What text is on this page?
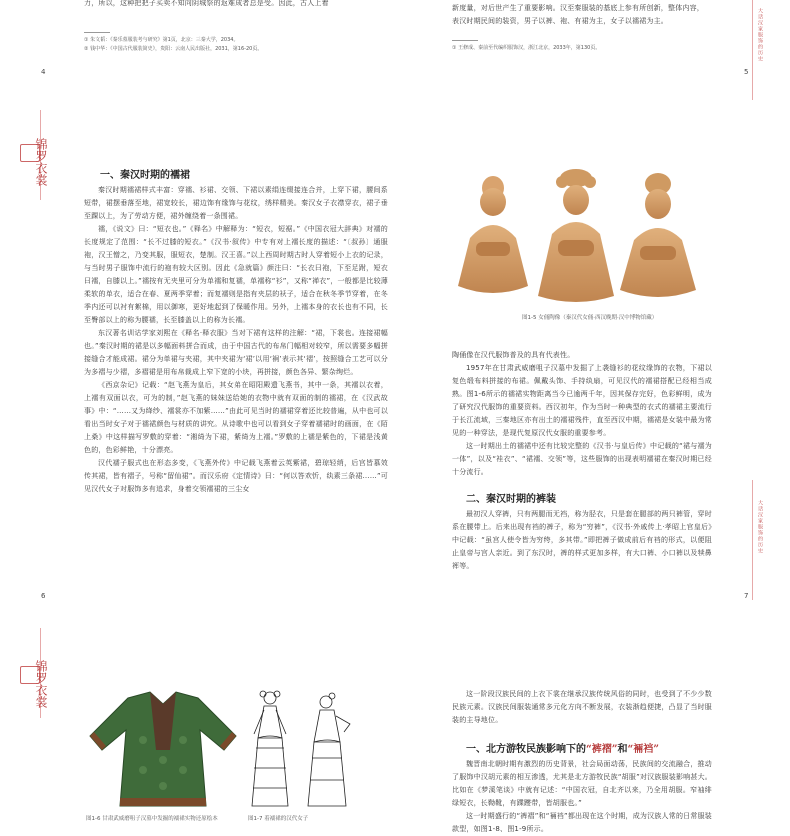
力，所以，这种把把子买卖不知向阴城祭的返难成者总是受。因此，古人上着
① 朱文韬：《秦乐墓服装考与研究》第1页，北京：三秦大学，2034。
② 钱中华：《中国古代服装简史》，贵阳：云南人民出版社，2031，第16-20页。
4
新度量，对后世产生了重要影响。汉至秦服装的基底上参有所创新，整体内容，表汉时期民间的装资，男子以裤、袍、有裙为主，女子以襦裙为主。
① 王修成、秦前至代编织服饰汉，浙江北京，2033年，第130页。
5
大话汉家服饰的历史
锦罗衣裳	一、秦汉时期的襦裙

秦汉时期襦裙样式丰富：穿襦、衫裙、交领、下裙以素绢连缀接连合并，上穿下裙，腰间系短带，裙摆垂落至地，裙宽较长，裙边饰有缘饰与花纹，绣样精美。秦汉女子衣襟穿衣，裙子垂至踝以上，为了劳动方便，裙外缠绕着一条围裙。

襦，《说文》曰：“短衣也。”《释名》中解释为：“短衣，短裾。”《中国衣冠大辞典》对襦的长度规定了范围：“长不过膝的短衣。”《汉书·叙传》中专有对上襦长度的描述：“〔叔孙〕通服袍，汉王憎之，乃变其服，服短衣，楚制。汉王喜。”以上西周时期古时人穿着短小上衣的记录，与当时男子服饰中流行的袍有较大区别。因此《急就篇》颜注曰：“长衣曰袍，下至足跗，短衣曰襦，自膝以上。”襦按有无夹里可分为单襦和复襦，单襦称“衫”，又称“禅衣”，一般都是比较薄柔软的单衣，适合在春、夏两季穿着；而复襦则是指有夹层的袄子，适合在秋冬季节穿着，在冬季内还可以衬有絮棉，用以御寒，更好地起到了保暖作用。另外，上襦本身的衣长也有不同，长至臀部以上的称为腰襦，长至膝盖以上的称为长襦。

东汉著名训诂学家刘熙在《释名·释衣服》当对下裙有这样的注解：“裙，下裳也。连接裙幅也。”秦汉时期的裙是以多幅面料拼合而成，由于中国古代的布帛门幅相对较窄，所以需要多幅拼接缝合才能成裙。裙分为单裙与夹裙，其中夹裙为‘裙’以用‘裥’表示其‘褶’，按照缝合工艺可以分为多褶与少褶，多褶裙是用布帛裁成上窄下宽的小块，再拼接，颜色各异、繁杂绚烂。

《西京杂记》记载：“赵飞燕为皇后，其女弟在昭阳殿遗飞燕书，其中一条，其襦以衣着，上襦有双面以衣，可为的制，”赵飞燕的妹妹送给她的衣物中就有双面的制的襦裙，在《汉武故事》中：“……又为绛纱、襦裳亦不加紫……”由此可见当时的襦裙穿着还比较普遍，从中也可以看出当时女子对于襦裙颜色与材质的讲究。从诗歌中也可以看到女子穿着襦裙时的画面，在《陌上桑》中这样描写罗敷的穿着：“湘绮为下裙，紫绮为上襦。”罗敷的上襦是紫色的，下裙是浅黄色的，色彩鲜艳，十分漂亮。

汉代襦子服式也在形态多变，《飞燕外传》中记载飞燕着云英紫裙，碧琼轻绡，后宫皆慕效传其裙，皆有褶子，号称“留仙裙”。而汉乐府《定情诗》曰：“何以答欢忻，纨素三条裙……”可见汉代女子对服饰多有追求，身着交领襦裙的三尘女

6
图1-5 女俑陶像（秦汉代女俑·西汉晚期·汉中博物馆藏）

陶俑像在汉代服饰普及的具有代表性。

1957年在甘肃武威磨咀子汉墓中发掘了上袭缝衫的花纹缘饰的衣物，下裙以复色缎布料拼接的布裙。佩戴头饰、手持纨扇，可见汉代的襦裙搭配已经相当成熟。图1-6所示的襦裙实物距离当今已逾两千年，因其保存完好，色彩鲜明，成为了研究汉代服饰的重要资料。西汉初年，作为当时一种典型的衣式的襦裙主要流行于长江流域，三秦地区亦有出土的襦裙残件，直至西汉中期，襦裙是女装中最为常见的一种穿法，是现代复原汉代女服的重要参考。

这一时期出土的襦裙中还有比较完整的《汉书·与皇后传》中记载的“裙与襦为一体”，以及“袿衣”、“裙襦、交领”等，这些服饰的出现表明襦裙在秦汉时期已经十分流行。

二、秦汉时期的裤装

最初汉人穿裤，只有两腿而无裆，称为胫衣，只是套在腿部的两只裤管，穿时系在腰带上。后来出现有裆的裤子，称为“穷裤”，《汉书·外戚传上·孝昭上官皇后》中记载：“虽宫人使令皆为穷绔，多其带。”即把裤子做成前后有裆的形式，以便阻止皇帝与宫人亲近。到了东汉时，裤的样式更加多样，有大口裤、小口裤以及犊鼻裈等。

7
大话汉家服饰的历史
锦罗衣裳
图1-6 甘肃武威磨咀子汉墓中发掘的襦裙实物还原绘本	图1-7 着襦裙的汉代女子

这一阶段汉族民间的上衣下裳在继承汉族传统风俗的同时，也受到了不少少数民族元素。汉族民间服装通常多元化方向不断发展，衣装渐趋便捷，凸显了当时服装的主导地位。

一、北方游牧民族影响下的“裤褶”和“裲裆”

魏晋南北朝时期有激烈的历史背景，社会局面动荡，民族间的交流融合，推动了服饰中汉胡元素的相互渗透，尤其是北方游牧民族“胡服”对汉族服装影响甚大。比如在《梦溪笔谈》中就有记述：“中国衣冠，自北齐以来，乃全用胡服。窄袖绯绿短衣，长靿靴，有蹀躞带，皆胡服也。”

这一时期盛行的“裤褶”和“裲裆”都出现在这个时期，成为汉族人常的日常服装款型，如图1-8、图1-9所示。
